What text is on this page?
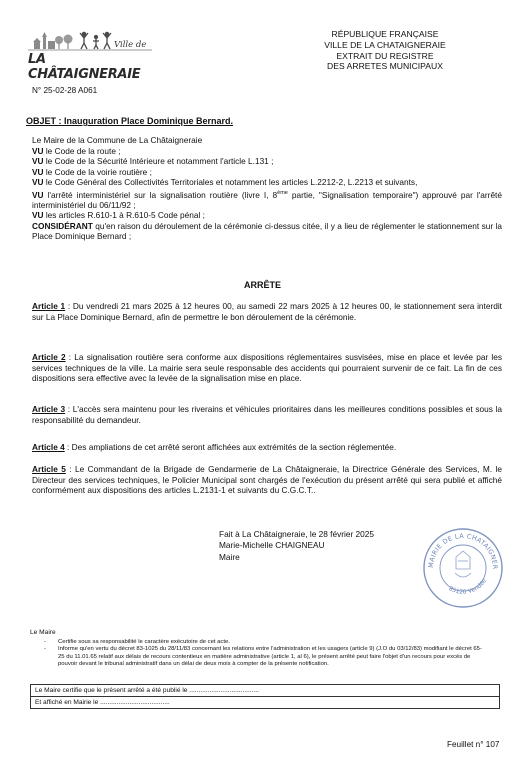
Ville de
LA CHÂTAIGNERAIE
RÉPUBLIQUE FRANÇAISE
VILLE DE LA CHATAIGNERAIE
EXTRAIT DU REGISTRE
DES ARRETES MUNICIPAUX
N° 25-02-28 A061
OBJET : Inauguration Place Dominique Bernard.

Le Maire de la Commune de La Châtaigneraie

VU le Code de la route ;

VU le Code de la Sécurité Intérieure et notamment l'article L.131 ;

VU le Code de la voirie routière ;

VU le Code Général des Collectivités Territoriales et notamment les articles L.2212-2, L.2213 et suivants,

VU l'arrêté interministériel sur la signalisation routière (livre I, 8ème partie, "Signalisation temporaire") approuvé par l'arrêté interministériel du 06/11/92 ;

VU les articles R.610-1 à R.610-5 Code pénal ;

CONSIDÉRANT qu'en raison du déroulement de la cérémonie ci-dessus citée, il y a lieu de réglementer le stationnement sur la Place Dominique Bernard ;

ARRÊTE

Article 1 : Du vendredi 21 mars 2025 à 12 heures 00, au samedi 22 mars 2025 à 12 heures 00, le stationnement sera interdit sur La Place Dominique Bernard, afin de permettre le bon déroulement de la cérémonie.

Article 2 : La signalisation routière sera conforme aux dispositions réglementaires susvisées, mise en place et levée par les services techniques de la ville. La mairie sera seule responsable des accidents qui pourraient survenir de ce fait. La fin de ces dispositions sera effective avec la levée de la signalisation mise en place.

Article 3 : L'accès sera maintenu pour les riverains et véhicules prioritaires dans les meilleures conditions possibles et sous la responsabilité du demandeur.

Article 4 : Des ampliations de cet arrêté seront affichées aux extrémités de la section réglementée.

Article 5 : Le Commandant de la Brigade de Gendarmerie de La Châtaigneraie, la Directrice Générale des Services, M. le Directeur des services techniques, le Policier Municipal sont chargés de l'exécution du présent arrêté qui sera publié et affiché conformément aux dispositions des articles L.2131-1 et suivants du C.G.C.T..

Fait à La Châtaigneraie, le 28 février 2025
Marie-Michelle CHAIGNEAU
Maire
MAIRIE DE LA CHATAIGNER
85120 Vendée
Le Maire
- Certifie sous sa responsabilité le caractère exécutoire de cet acte.
- Informe qu'en vertu du décret 83-1025 du 28/11/83 concernant les relations entre l'administration et les usagers (article 9) (J.O du 03/12/83) modifiant le décret 65-25 du 11.01.65 relatif aux délais de recours contentieux en matière administrative (article 1, al 6), le présent arrêté peut faire l'objet d'un recours pour excès de pouvoir devant le tribunal administratif dans un délai de deux mois à compter de la présente notification.
Le Maire certifie que le présent arrêté a été publié le ......................................
Et affiché en Mairie le ......................................
Feuillet n° 107
